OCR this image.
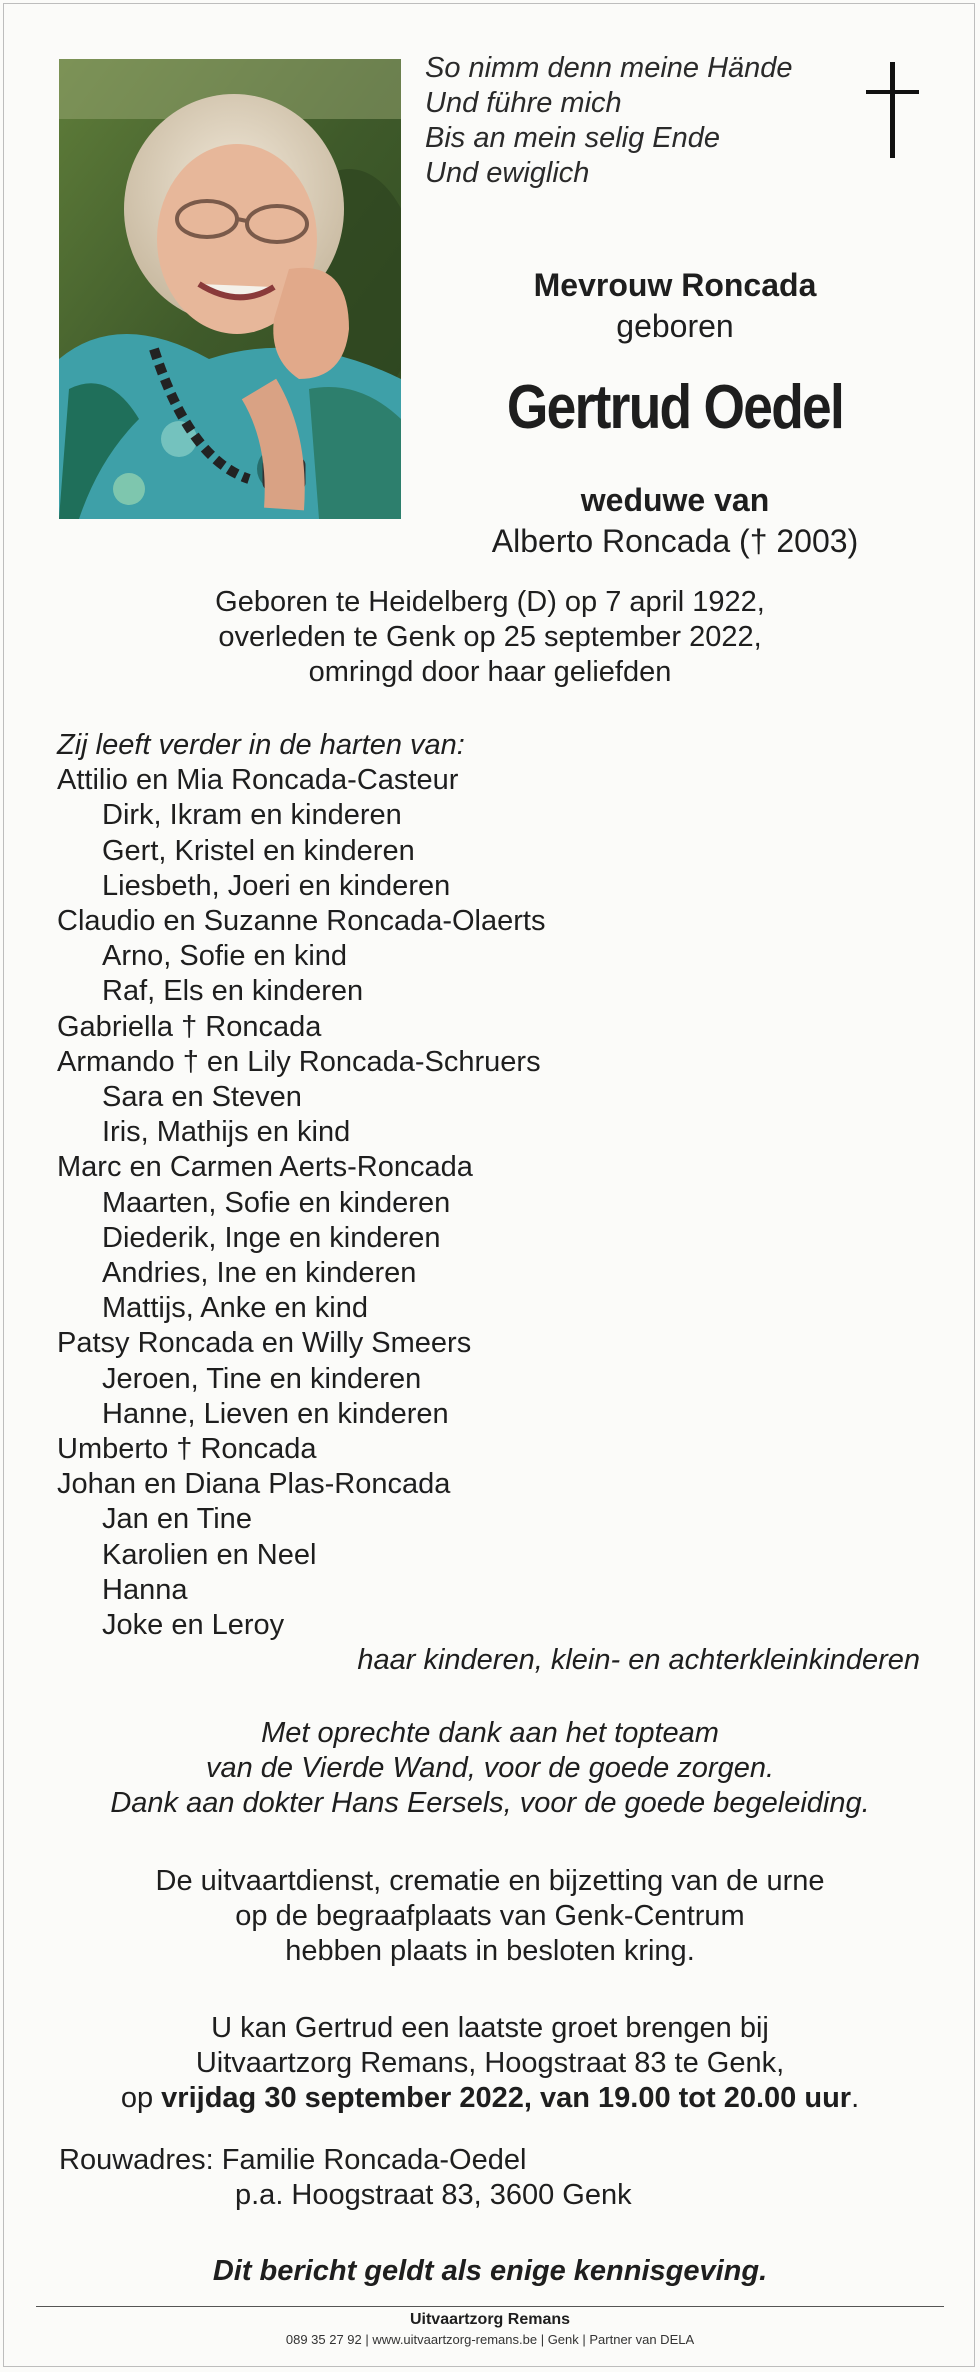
So nimm denn meine Hände
Und führe mich
Bis an mein selig Ende
Und ewiglich
Mevrouw Roncada
geboren
Gertrud Oedel
weduwe van
Alberto Roncada († 2003)
Geboren te Heidelberg (D) op 7 april 1922,
overleden te Genk op 25 september 2022,
omringd door haar geliefden
Zij leeft verder in de harten van:
Attilio en Mia Roncada-Casteur
Dirk, Ikram en kinderen
Gert, Kristel en kinderen
Liesbeth, Joeri en kinderen
Claudio en Suzanne Roncada-Olaerts
Arno, Sofie en kind
Raf, Els en kinderen
Gabriella † Roncada
Armando † en Lily Roncada-Schruers
Sara en Steven
Iris, Mathijs en kind
Marc en Carmen Aerts-Roncada
Maarten, Sofie en kinderen
Diederik, Inge en kinderen
Andries, Ine en kinderen
Mattijs, Anke en kind
Patsy Roncada en Willy Smeers
Jeroen, Tine en kinderen
Hanne, Lieven en kinderen
Umberto † Roncada
Johan en Diana Plas-Roncada
Jan en Tine
Karolien en Neel
Hanna
Joke en Leroy
haar kinderen, klein- en achterkleinkinderen
Met oprechte dank aan het topteam
van de Vierde Wand, voor de goede zorgen.
Dank aan dokter Hans Eersels, voor de goede begeleiding.
De uitvaartdienst, crematie en bijzetting van de urne
op de begraafplaats van Genk-Centrum
hebben plaats in besloten kring.
U kan Gertrud een laatste groet brengen bij
Uitvaartzorg Remans, Hoogstraat 83 te Genk,
op vrijdag 30 september 2022, van 19.00 tot 20.00 uur.
Rouwadres: Familie Roncada-Oedel
p.a. Hoogstraat 83, 3600 Genk
Dit bericht geldt als enige kennisgeving.
Uitvaartzorg Remans
089 35 27 92 | www.uitvaartzorg-remans.be | Genk | Partner van DELA
